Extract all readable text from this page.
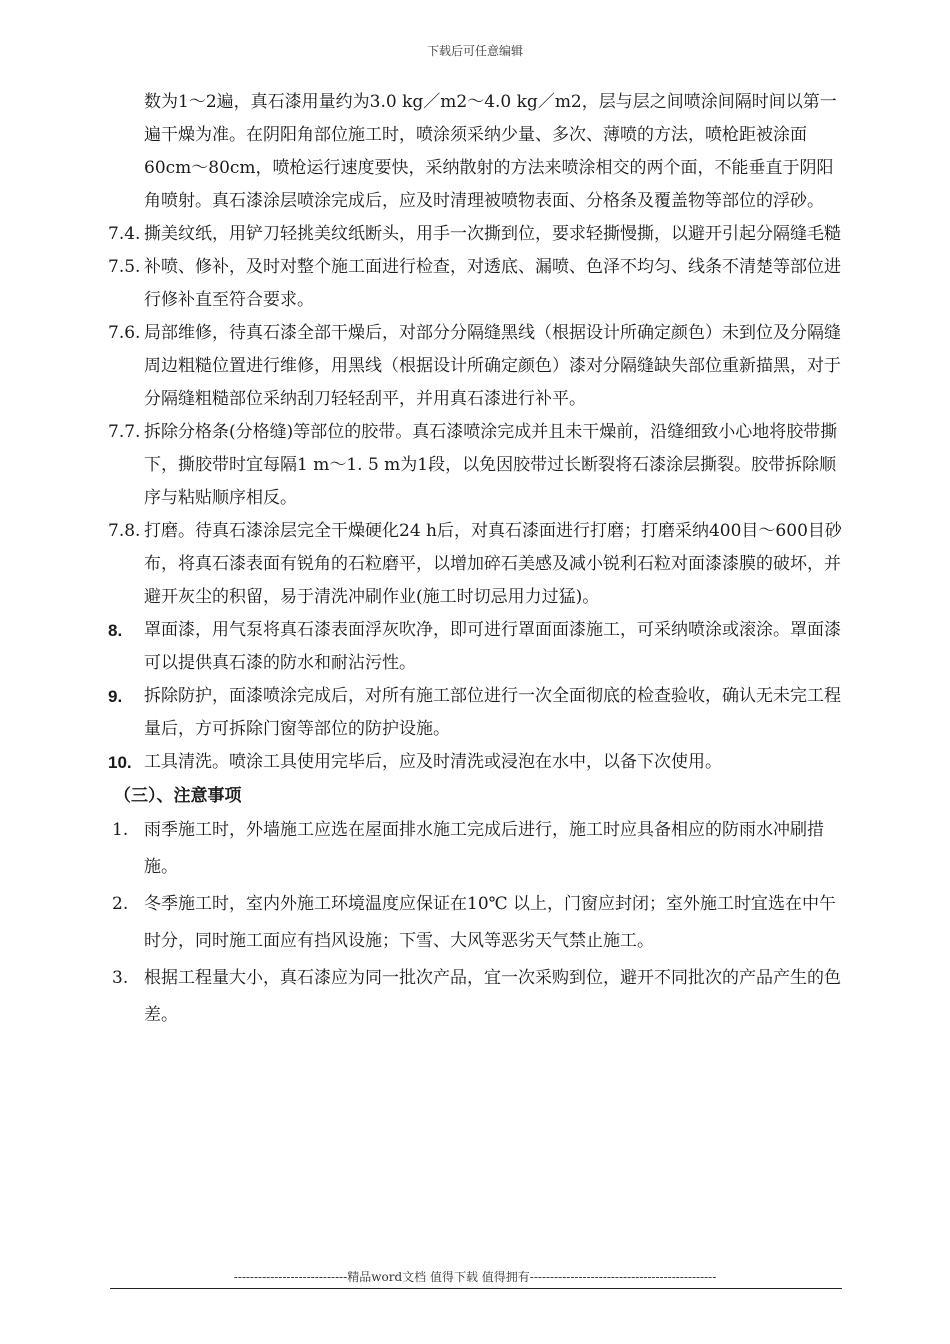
下载后可任意编辑
数为1～2遍，真石漆用量约为3.0 kg／m2～4.0 kg／m2，层与层之间喷涂间隔时间以第一遍干燥为准。在阴阳角部位施工时，喷涂须采纳少量、多次、薄喷的方法，喷枪距被涂面60cm～80cm，喷枪运行速度要快，采纳散射的方法来喷涂相交的两个面，不能垂直于阴阳角喷射。真石漆涂层喷涂完成后，应及时清理被喷物表面、分格条及覆盖物等部位的浮砂。
7.4. 撕美纹纸，用铲刀轻挑美纹纸断头，用手一次撕到位，要求轻撕慢撕，以避开引起分隔缝毛糙
7.5. 补喷、修补，及时对整个施工面进行检查，对透底、漏喷、色泽不均匀、线条不清楚等部位进行修补直至符合要求。
7.6. 局部维修，待真石漆全部干燥后，对部分分隔缝黑线（根据设计所确定颜色）未到位及分隔缝周边粗糙位置进行维修，用黑线（根据设计所确定颜色）漆对分隔缝缺失部位重新描黑，对于分隔缝粗糙部位采纳刮刀轻轻刮平，并用真石漆进行补平。
7.7. 拆除分格条(分格缝)等部位的胶带。真石漆喷涂完成并且未干燥前，沿缝细致小心地将胶带撕下，撕胶带时宜每隔1 m～1. 5 m为1段，以免因胶带过长断裂将石漆涂层撕裂。胶带拆除顺序与粘贴顺序相反。
7.8. 打磨。待真石漆涂层完全干燥硬化24 h后，对真石漆面进行打磨；打磨采纳400目～600目砂布，将真石漆表面有锐角的石粒磨平，以增加碎石美感及减小锐利石粒对面漆漆膜的破坏，并避开灰尘的积留，易于清洗冲刷作业(施工时切忌用力过猛)。
8. 罩面漆，用气泵将真石漆表面浮灰吹净，即可进行罩面面漆施工，可采纳喷涂或滚涂。罩面漆可以提供真石漆的防水和耐沾污性。
9. 拆除防护，面漆喷涂完成后，对所有施工部位进行一次全面彻底的检查验收，确认无未完工程量后，方可拆除门窗等部位的防护设施。
10. 工具清洗。喷涂工具使用完毕后，应及时清洗或浸泡在水中，以备下次使用。
（三）、注意事项
1. 雨季施工时，外墙施工应选在屋面排水施工完成后进行，施工时应具备相应的防雨水冲刷措施。
2. 冬季施工时，室内外施工环境温度应保证在10℃ 以上，门窗应封闭；室外施工时宜选在中午时分，同时施工面应有挡风设施；下雪、大风等恶劣天气禁止施工。
3. 根据工程量大小，真石漆应为同一批次产品，宜一次采购到位，避开不同批次的产品产生的色差。
----------------------------精品word文档 值得下载 值得拥有----------------------------------------------
